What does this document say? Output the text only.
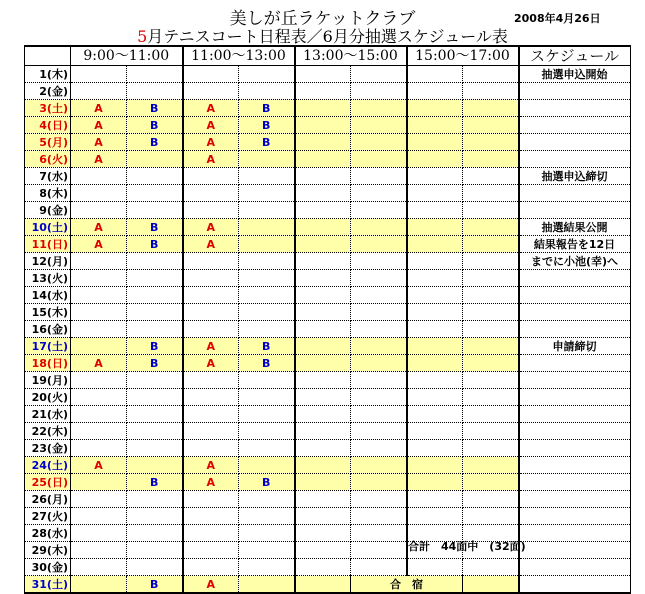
美しが丘ラケットクラブ	2008年4月26日
5月テニスコート日程表／6月分抽選スケジュール表
	9:00～11:00		11:00～13:00		13:00～15:00		15:00～17:00		スケジュール
1(木)									抽選申込開始
2(金)									
3(土)	A	B	A	B					
4(日)	A	B	A	B					
5(月)	A	B	A	B					
6(火)	A		A						
7(水)									抽選申込締切
8(木)									
9(金)									
10(土)	A	B	A						抽選結果公開
11(日)	A	B	A						結果報告を12日
12(月)									までに小池(幸)へ
13(火)									
14(水)									
15(木)									
16(金)									
17(土)		B	A	B					申請締切
18(日)	A	B	A	B					
19(月)									
20(火)									
21(水)									
22(木)									
23(金)									
24(土)	A		A						
25(日)		B	A	B					
26(月)									
27(火)									
28(水)									
29(木)									
30(金)									
31(土)		B	A			合　宿			
合計　44面中　(32面)
